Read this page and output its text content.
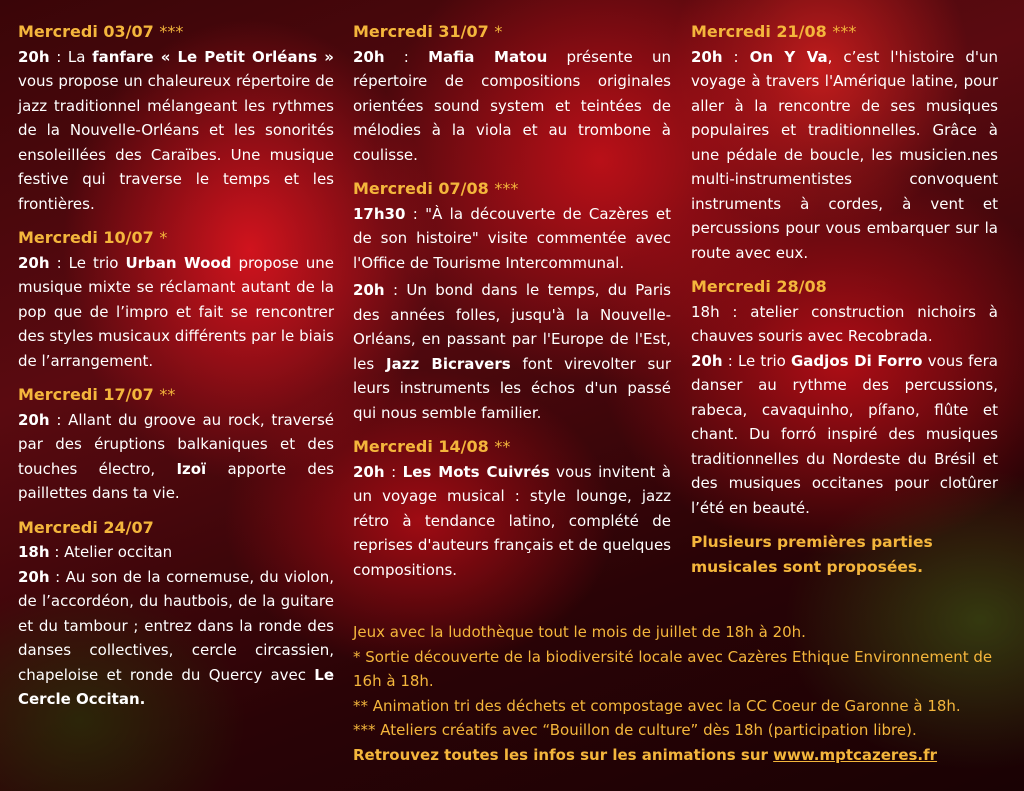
Mercredi 03/07 ***

20h : La fanfare « Le Petit Orléans » vous propose un chaleureux répertoire de jazz traditionnel mélangeant les rythmes de la Nouvelle-Orléans et les sonorités ensoleillées des Caraïbes. Une musique festive qui traverse le temps et les frontières.

Mercredi 10/07 *

20h : Le trio Urban Wood propose une musique mixte se réclamant autant de la pop que de l’impro et fait se rencontrer des styles musicaux différents par le biais de l’arrangement.

Mercredi 17/07 **

20h : Allant du groove au rock, traversé par des éruptions balkaniques et des touches électro, Izoï apporte des paillettes dans ta vie.

Mercredi 24/07

18h : Atelier occitan

20h : Au son de la cornemuse, du violon, de l’accordéon, du hautbois, de la guitare et du tambour ; entrez dans la ronde des danses collectives, cercle circassien, chapeloise et ronde du Quercy avec Le Cercle Occitan.

Mercredi 31/07 *

20h : Mafia Matou présente un répertoire de compositions originales orientées sound system et teintées de mélodies à la viola et au trombone à coulisse.

Mercredi 07/08 ***

17h30 : "À la découverte de Cazères et de son histoire" visite commentée avec l'Office de Tourisme Intercommunal.

20h : Un bond dans le temps, du Paris des années folles, jusqu'à la Nouvelle-Orléans, en passant par l'Europe de l'Est, les Jazz Bicravers font virevolter sur leurs instruments les échos d'un passé qui nous semble familier.

Mercredi 14/08 **

20h : Les Mots Cuivrés vous invitent à un voyage musical : style lounge, jazz rétro à tendance latino, complété de reprises d'auteurs français et de quelques compositions.

Mercredi 21/08 ***

20h : On Y Va, c’est l'histoire d'un voyage à travers l'Amérique latine, pour aller à la rencontre de ses musiques populaires et traditionnelles. Grâce à une pédale de boucle, les musicien.nes multi-instrumentistes convoquent instruments à cordes, à vent et percussions pour vous embarquer sur la route avec eux.

Mercredi 28/08

18h : atelier construction nichoirs à chauves souris avec Recobrada.

20h : Le trio Gadjos Di Forro vous fera danser au rythme des percussions, rabeca, cavaquinho, pífano, flûte et chant. Du forró inspiré des musiques traditionnelles du Nordeste du Brésil et des musiques occitanes pour clotûrer l’été en beauté.

Plusieurs premières parties musicales sont proposées.

Jeux avec la ludothèque tout le mois de juillet de 18h à 20h.

* Sortie découverte de la biodiversité locale avec Cazères Ethique Environnement de 16h à 18h.

** Animation tri des déchets et compostage avec la CC Coeur de Garonne à 18h.

*** Ateliers créatifs avec “Bouillon de culture” dès 18h (participation libre).

Retrouvez toutes les infos sur les animations sur www.mptcazeres.fr
